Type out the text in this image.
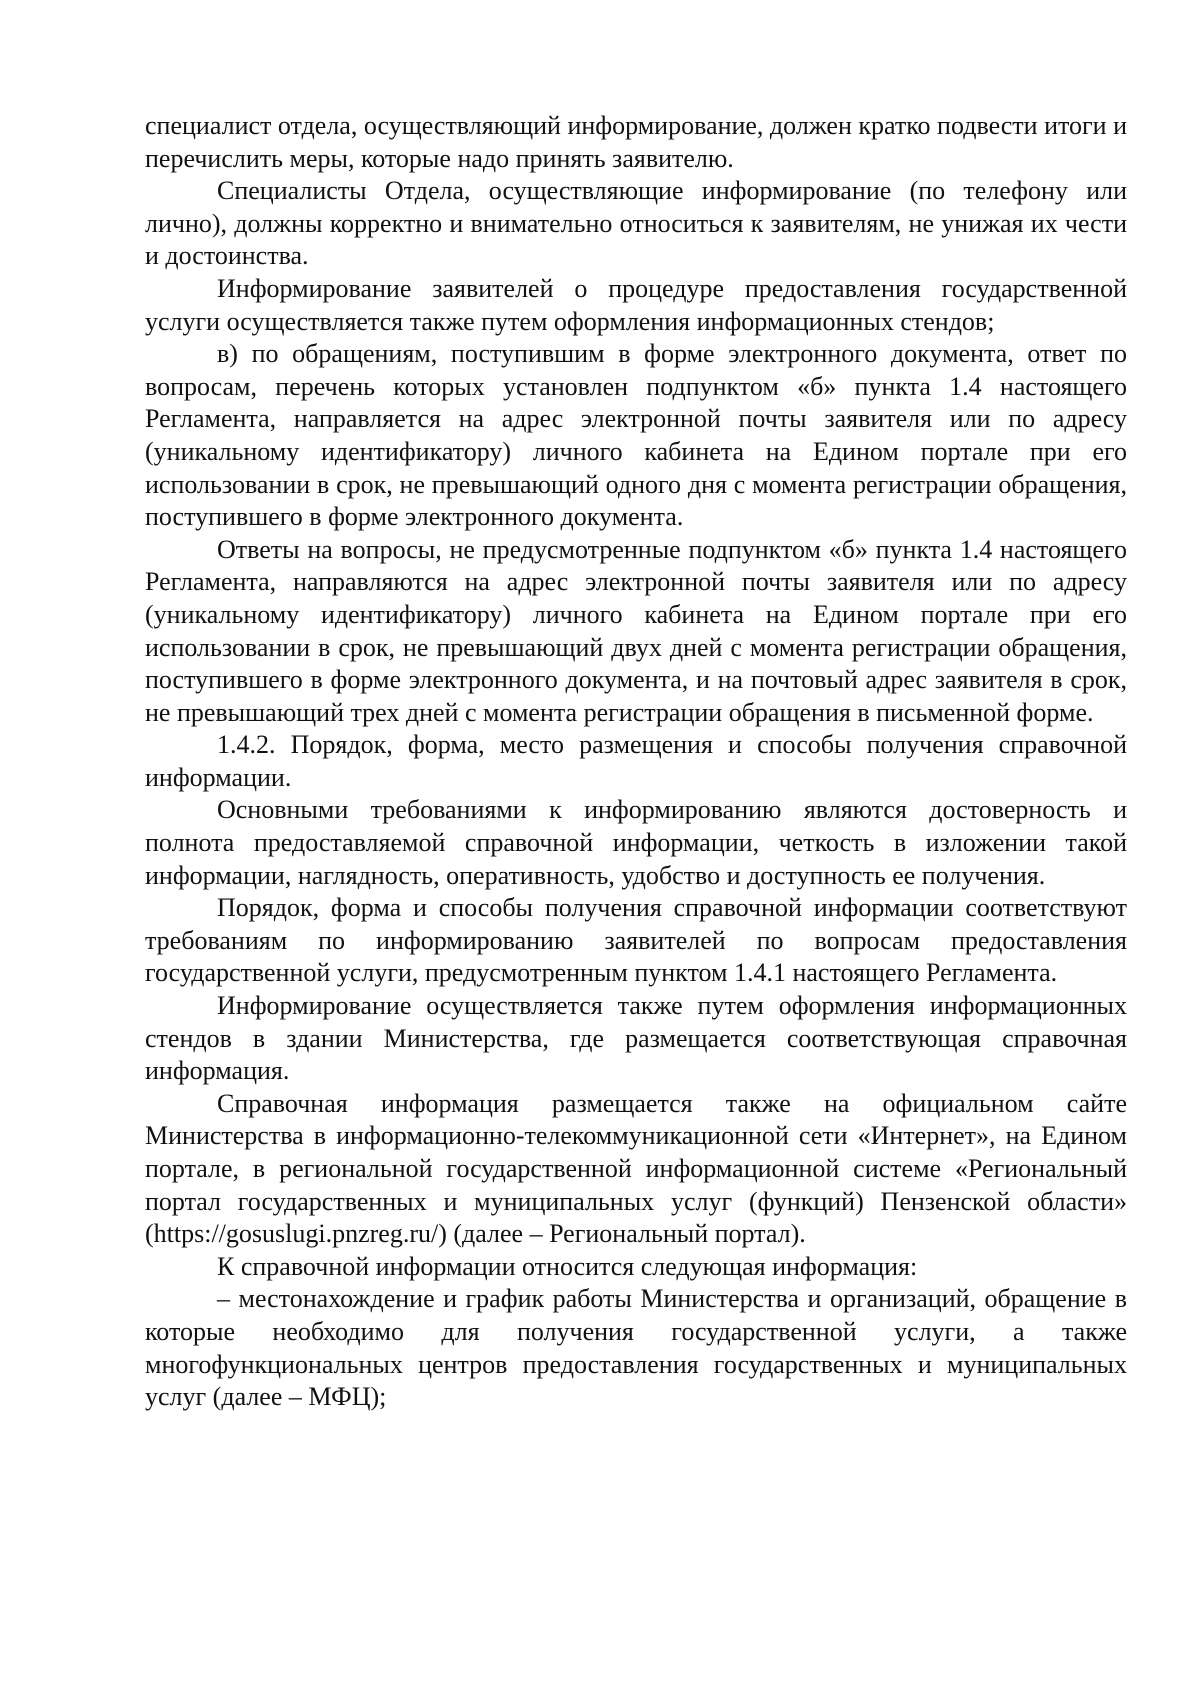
специалист отдела, осуществляющий информирование, должен кратко подвести итоги и перечислить меры, которые надо принять заявителю.

Специалисты Отдела, осуществляющие информирование (по телефону или лично), должны корректно и внимательно относиться к заявителям, не унижая их чести и достоинства.

Информирование заявителей о процедуре предоставления государственной услуги осуществляется также путем оформления информационных стендов;

в) по обращениям, поступившим в форме электронного документа, ответ по вопросам, перечень которых установлен подпунктом «б» пункта 1.4 настоящего Регламента, направляется на адрес электронной почты заявителя или по адресу (уникальному идентификатору) личного кабинета на Едином портале при его использовании в срок, не превышающий одного дня с момента регистрации обращения, поступившего в форме электронного документа.

Ответы на вопросы, не предусмотренные подпунктом «б» пункта 1.4 настоящего Регламента, направляются на адрес электронной почты заявителя или по адресу (уникальному идентификатору) личного кабинета на Едином портале при его использовании в срок, не превышающий двух дней с момента регистрации обращения, поступившего в форме электронного документа, и на почтовый адрес заявителя в срок, не превышающий трех дней с момента регистрации обращения в письменной форме.

1.4.2. Порядок, форма, место размещения и способы получения справочной информации.

Основными требованиями к информированию являются достоверность и полнота предоставляемой справочной информации, четкость в изложении такой информации, наглядность, оперативность, удобство и доступность ее получения.

Порядок, форма и способы получения справочной информации соответствуют требованиям по информированию заявителей по вопросам предоставления государственной услуги, предусмотренным пунктом 1.4.1 настоящего Регламента.

Информирование осуществляется также путем оформления информационных стендов в здании Министерства, где размещается соответствующая справочная информация.

Справочная информация размещается также на официальном сайте Министерства в информационно-телекоммуникационной сети «Интернет», на Едином портале, в региональной государственной информационной системе «Региональный портал государственных и муниципальных услуг (функций) Пензенской области» (https://gosuslugi.pnzreg.ru/) (далее – Региональный портал).

К справочной информации относится следующая информация:

– местонахождение и график работы Министерства и организаций, обращение в которые необходимо для получения государственной услуги, а также многофункциональных центров предоставления государственных и муниципальных услуг (далее – МФЦ);
